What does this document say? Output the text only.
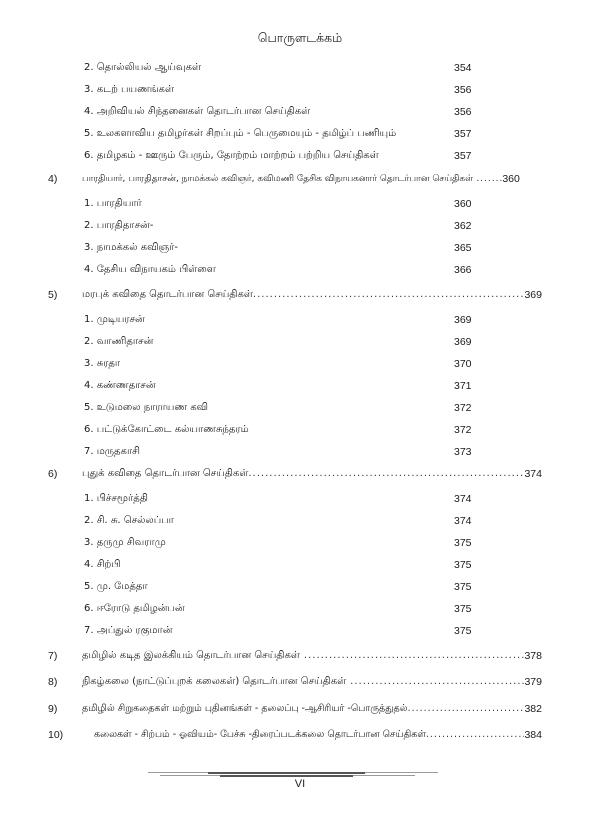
பொருளடக்கம்
2. தொல்லியல் ஆய்வுகள்	354
3. கடற் பயணங்கள்	356
4. அறிவியல் சிந்தனைகள் தொடர்பான செய்திகள்	356
5. உலகளாவிய தமிழர்கள் சிறப்பும் - பெருமையும் - தமிழ்ப் பணியும்	357
6. தமிழகம் - ஊரும் பேரும், தோற்றம் மாற்றம் பற்றிய செய்திகள்	357
4)	பாரதியார், பாரதிதாசன், நாமக்கல் கவிஞர், கவிமணி தேசிக விநாயகனார் தொடர்பான செய்திகள் .....	360
1. பாரதியார்	360
2. பாரதிதாசன்-	362
3. நாமக்கல் கவிஞர்-	365
4. தேசிய விநாயகம் பிள்ளை	366
5) மரபுக் கவிதை தொடர்பான செய்திகள் .....	369
1. முடியரசன்	369
2. வாணிதாசன்	369
3. சுரதா	370
4. கண்ணதாசன்	371
5. உடுமலை நாராயண கவி	372
6. பட்டுக்கோட்டை கல்யாணசுந்தரம்	372
7. மருதகாசி	373
6) புதுக் கவிதை தொடர்பான செய்திகள் .....	374
1. பிச்சமூர்த்தி	374
2. சி. சு. செல்லப்பா	374
3. தருமு சிவராமு	375
4. சிற்பி	375
5. மு. மேத்தா	375
6. ஈரோடு தமிழன்பன்	375
7. அப்துல் ரகுமான்	375
7) தமிழில் கடித இலக்கியம் தொடர்பான செய்திகள் .....	378
8) நிகழ்கலை (நாட்டுப்புறக் கலைகள்) தொடர்பான செய்திகள் .....	379
9)	தமிழில் சிறுகதைகள் மற்றும் புதினங்கள் - தலைப்பு -ஆசிரியர் -பொருத்துதல் .....	382
10)	கலைகள் - சிற்பம் - ஓவியம்- பேச்சு -திரைப்படக்கலை தொடர்பான செய்திகள் .....	384
VI
